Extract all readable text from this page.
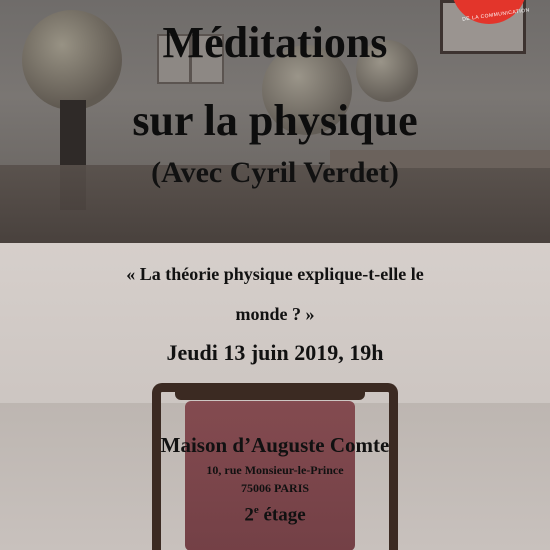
DE LA COMMUNICATION
Méditations
sur la physique
(Avec Cyril Verdet)
« La théorie physique explique-t-elle le
monde ? »
Jeudi 13 juin 2019, 19h
Maison d’Auguste Comte
10, rue Monsieur-le-Prince
75006 PARIS
2e étage
